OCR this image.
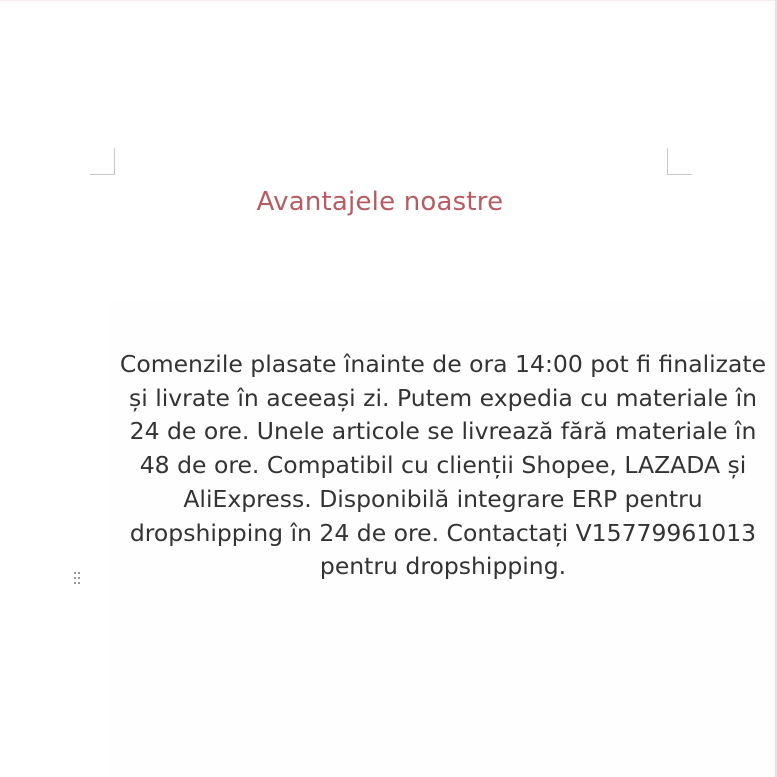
Avantajele noastre

Comenzile plasate înainte de ora 14:00 pot fi finalizate și livrate în aceeași zi. Putem expedia cu materiale în 24 de ore. Unele articole se livrează fără materiale în 48 de ore. Compatibil cu clienții Shopee, LAZADA și AliExpress. Disponibilă integrare ERP pentru dropshipping în 24 de ore. Contactați V15779961013 pentru dropshipping.
